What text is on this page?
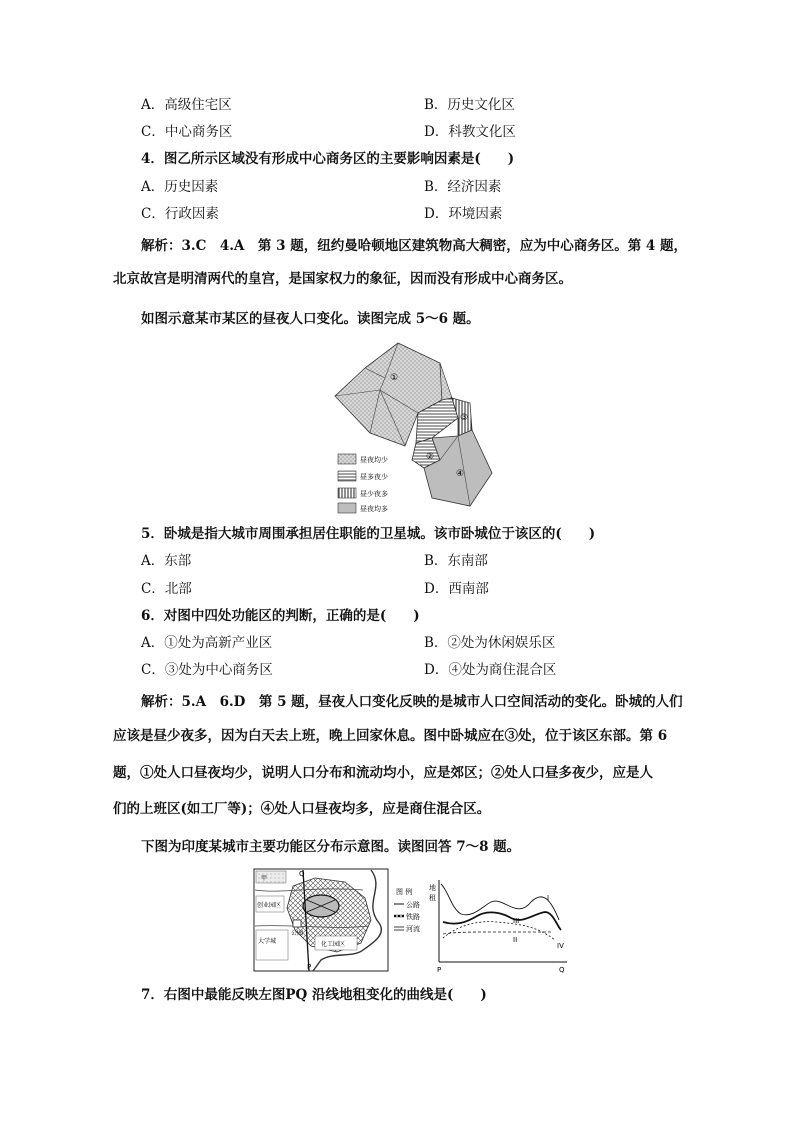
A．高级住宅区	B．历史文化区
C．中心商务区	D．科教文化区
4．图乙所示区域没有形成中心商务区的主要影响因素是(　　)
A．历史因素	B．经济因素
C．行政因素	D．环境因素
解析：3.C　4.A　第 3 题，纽约曼哈顿地区建筑物高大稠密，应为中心商务区。第 4 题，
北京故宫是明清两代的皇宫，是国家权力的象征，因而没有形成中心商务区。
如图示意某市某区的昼夜人口变化。读图完成 5～6 题。
①
②
③
④
昼夜均少
昼多夜少
昼少夜多
昼夜均多
5．卧城是指大城市周围承担居住职能的卫星城。该市卧城位于该区的(　　)
A．东部	B．东南部
C．北部	D．西南部
6．对图中四处功能区的判断，正确的是(　　)
A．①处为高新产业区	B．②处为休闲娱乐区
C．③处为中心商务区	D．④处为商住混合区
解析：5.A　6.D　第 5 题，昼夜人口变化反映的是城市人口空间活动的变化。卧城的人们
应该是昼少夜多，因为白天去上班，晚上回家休息。图中卧城应在③处，位于该区东部。第 6
题，①处人口昼夜均少，说明人口分布和流动均小，应是郊区；②处人口昼多夜少，应是人
们的上班区(如工厂等)；④处人口昼夜均多，应是商住混合区。
下图为印度某城市主要功能区分布示意图。读图回答 7～8 题。
甲
Q
创业园区
公园
大学城	化工园区
P
图 例
公路
铁路
河流
地
租
P	Q
I
II
III
IV
7．右图中最能反映左图PQ 沿线地租变化的曲线是(　　)
